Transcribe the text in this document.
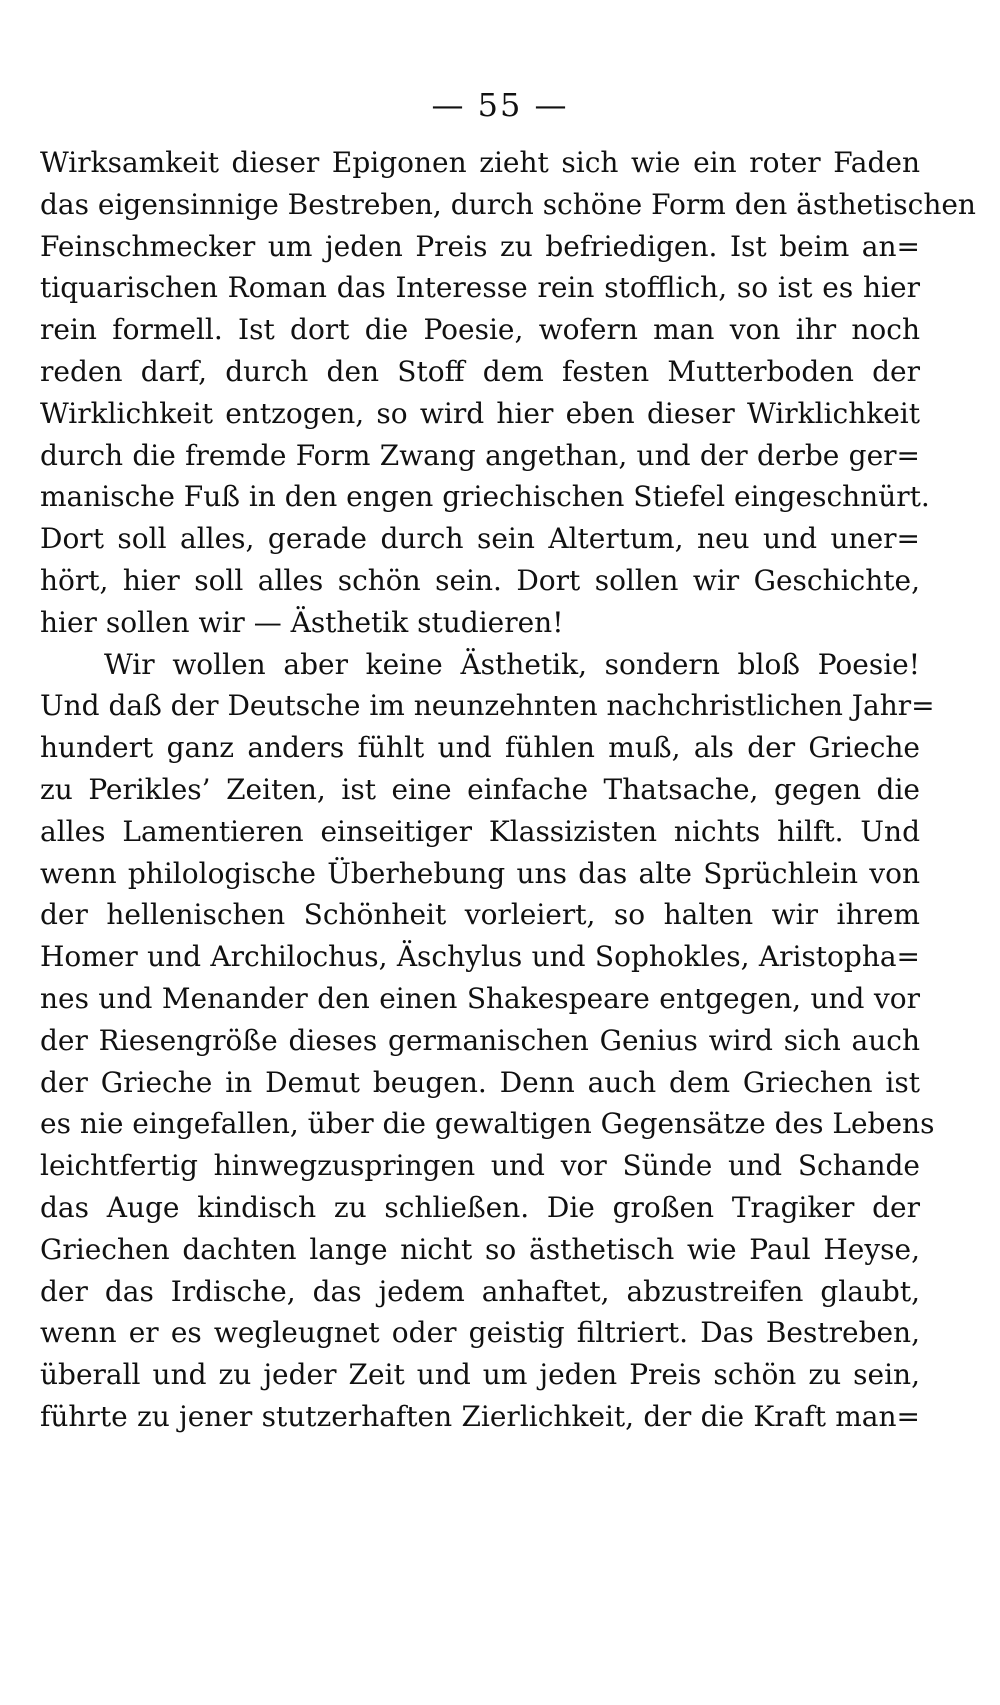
— 55 —
Wirksamkeit dieser Epigonen zieht sich wie ein roter Faden
das eigensinnige Bestreben, durch schöne Form den ästhetischen
Feinschmecker um jeden Preis zu befriedigen. Ist beim an=
tiquarischen Roman das Interesse rein stofflich, so ist es hier
rein formell. Ist dort die Poesie, wofern man von ihr noch
reden darf, durch den Stoff dem festen Mutterboden der
Wirklichkeit entzogen, so wird hier eben dieser Wirklichkeit
durch die fremde Form Zwang angethan, und der derbe ger=
manische Fuß in den engen griechischen Stiefel eingeschnürt.
Dort soll alles, gerade durch sein Altertum, neu und uner=
hört, hier soll alles schön sein. Dort sollen wir Geschichte,
hier sollen wir — Ästhetik studieren!
Wir wollen aber keine Ästhetik, sondern bloß Poesie!
Und daß der Deutsche im neunzehnten nachchristlichen Jahr=
hundert ganz anders fühlt und fühlen muß, als der Grieche
zu Perikles’ Zeiten, ist eine einfache Thatsache, gegen die
alles Lamentieren einseitiger Klassizisten nichts hilft. Und
wenn philologische Überhebung uns das alte Sprüchlein von
der hellenischen Schönheit vorleiert, so halten wir ihrem
Homer und Archilochus, Äschylus und Sophokles, Aristopha=
nes und Menander den einen Shakespeare entgegen, und vor
der Riesengröße dieses germanischen Genius wird sich auch
der Grieche in Demut beugen. Denn auch dem Griechen ist
es nie eingefallen, über die gewaltigen Gegensätze des Lebens
leichtfertig hinwegzuspringen und vor Sünde und Schande
das Auge kindisch zu schließen. Die großen Tragiker der
Griechen dachten lange nicht so ästhetisch wie Paul Heyse,
der das Irdische, das jedem anhaftet, abzustreifen glaubt,
wenn er es wegleugnet oder geistig filtriert. Das Bestreben,
überall und zu jeder Zeit und um jeden Preis schön zu sein,
führte zu jener stutzerhaften Zierlichkeit, der die Kraft man=
